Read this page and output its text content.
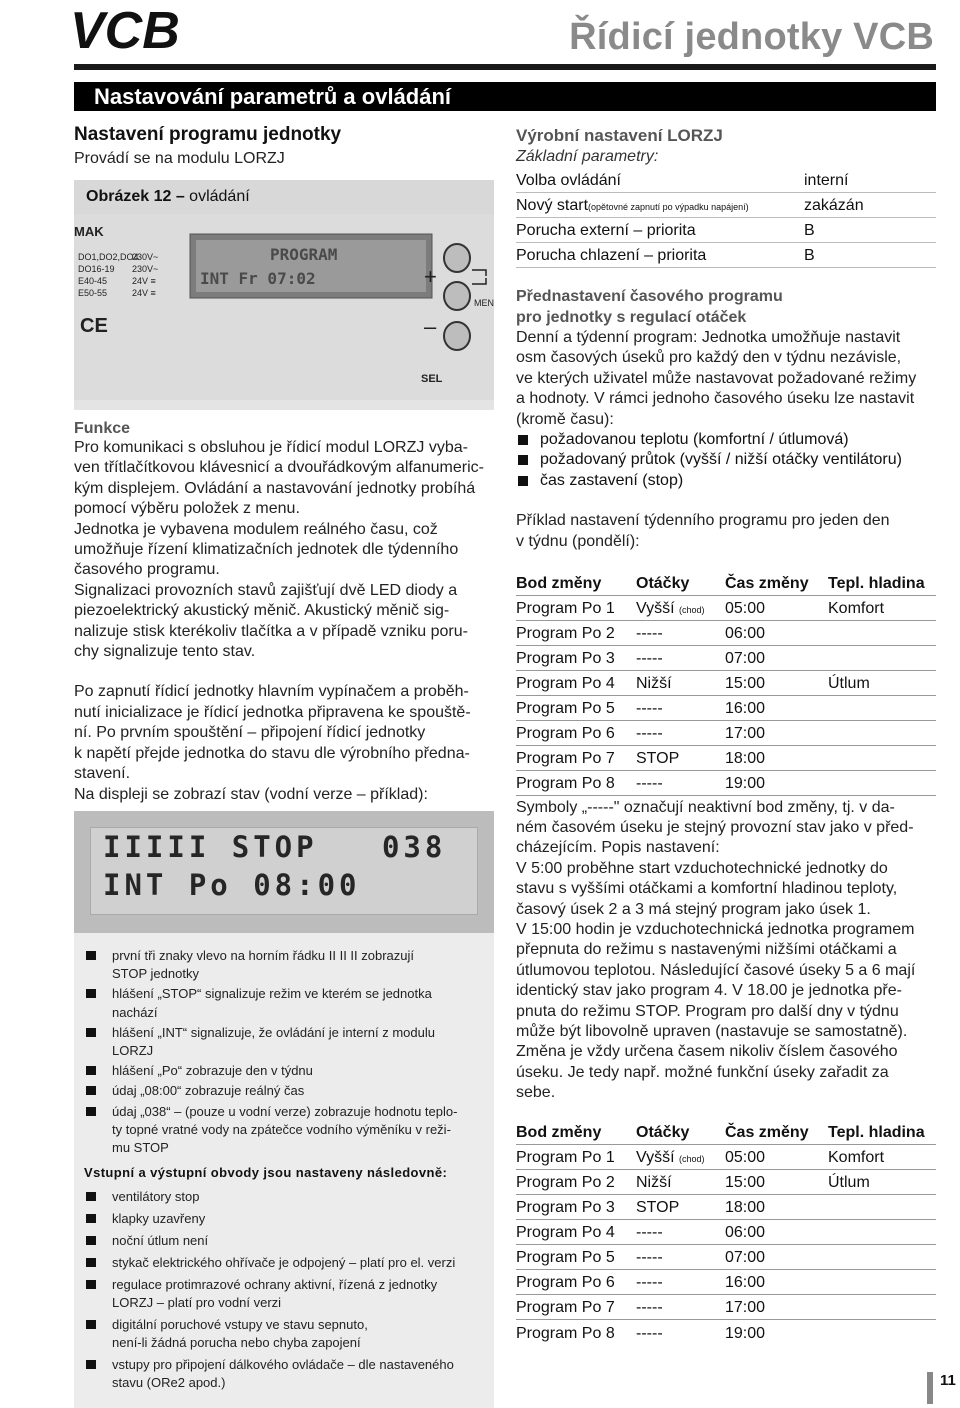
VCB	Řídicí jednotky VCB
Nastavování parametrů a ovládání
Nastavení programu jednotky
Provádí se na modulu LORZJ
Obrázek 12 – ovládání
MAK
DO1,DO2,DO4
DO16-19
E40-45
E50-55
230V~
230V~
24V ≡
24V ≡
CE
PROGRAM
INT Fr 07:02	+
–
SEL
MEN
Funkce
Pro komunikaci s obsluhou je řídicí modul LORZJ vyba-
ven třítlačítkovou klávesnicí a dvouřádkovým alfanumeric-
kým displejem. Ovládání a nastavování jednotky probíhá
pomocí výběru položek z menu.
Jednotka je vybavena modulem reálného času, což
umožňuje řízení klimatizačních jednotek dle týdenního
časového programu.
Signalizaci provozních stavů zajišťují dvě LED diody a
piezoelektrický akustický měnič. Akustický měnič sig-
nalizuje stisk kterékoliv tlačítka a v případě vzniku poru-
chy signalizuje tento stav.
Po zapnutí řídicí jednotky hlavním vypínačem a proběh-
nutí inicializace je řídicí jednotka připravena ke spouště-
ní. Po prvním spouštění – připojení řídicí jednotky
k napětí přejde jednotka do stavu dle výrobního předna-
stavení.
Na displeji se zobrazí stav (vodní verze – příklad):
IIIII STOP   038
INT Po 08:00
první tři znaky vlevo na horním řádku II II II zobrazují
STOP jednotky
hlášení „STOP“ signalizuje režim ve kterém se jednotka
nachází
hlášení „INT“ signalizuje, že ovládání je interní z modulu
LORZJ
hlášení „Po“ zobrazuje den v týdnu
údaj „08:00“ zobrazuje reálný čas
údaj „038“ – (pouze u vodní verze) zobrazuje hodnotu teplo-
ty topné vratné vody na zpátečce vodního výměníku v reži-
mu STOP
Vstupní a výstupní obvody jsou nastaveny následovně:
ventilátory stop
klapky uzavřeny
noční útlum není
stykač elektrického ohřívače je odpojený – platí pro el. verzi
regulace protimrazové ochrany aktivní, řízená z jednotky
LORZJ – platí pro vodní verzi
digitální poruchové vstupy ve stavu sepnuto,
není-li žádná porucha nebo chyba zapojení
vstupy pro připojení dálkového ovládače – dle nastaveného
stavu (ORe2 apod.)
Výrobní nastavení LORZJ
Základní parametry:
Volba ovládání	interní
Nový start(opětovné zapnutí po výpadku napájení)	zakázán
Porucha externí – priorita	B
Porucha chlazení – priorita	B
Přednastavení časového programu
pro jednotky s regulací otáček
Denní a týdenní program: Jednotka umožňuje nastavit
osm časových úseků pro každý den v týdnu nezávisle,
ve kterých uživatel může nastavovat požadované režimy
a hodnoty. V rámci jednoho časového úseku lze nastavit
(kromě času):
požadovanou teplotu (komfortní / útlumová)
požadovaný průtok (vyšší / nižší otáčky ventilátoru)
čas zastavení (stop)
Příklad nastavení týdenního programu pro jeden den
v týdnu (pondělí):
Bod změny	Otáčky	Čas změny	Tepl. hladina
Program Po 1	Vyšší (chod)	05:00	Komfort
Program Po 2	-----	06:00	
Program Po 3	-----	07:00	
Program Po 4	Nižší	15:00	Útlum
Program Po 5	-----	16:00	
Program Po 6	-----	17:00	
Program Po 7	STOP	18:00	
Program Po 8	-----	19:00	
Symboly „-----" označují neaktivní bod změny, tj. v da-
ném časovém úseku je stejný provozní stav jako v před-
cházejícím. Popis nastavení:
V 5:00 proběhne start vzduchotechnické jednotky do
stavu s vyššími otáčkami a komfortní hladinou teploty,
časový úsek 2 a 3 má stejný program jako úsek 1.
V 15:00 hodin je vzduchotechnická jednotka programem
přepnuta do režimu s nastavenými nižšími otáčkami a
útlumovou teplotou. Následující časové úseky 5 a 6 mají
identický stav jako program 4. V 18.00 je jednotka pře-
pnuta do režimu STOP. Program pro další dny v týdnu
může být libovolně upraven (nastavuje se samostatně).
Změna je vždy určena časem nikoliv číslem časového
úseku. Je tedy např. možné funkční úseky zařadit za
sebe.
Bod změny	Otáčky	Čas změny	Tepl. hladina
Program Po 1	Vyšší (chod)	05:00	Komfort
Program Po 2	Nižší	15:00	Útlum
Program Po 3	STOP	18:00	
Program Po 4	-----	06:00	
Program Po 5	-----	07:00	
Program Po 6	-----	16:00	
Program Po 7	-----	17:00	
Program Po 8	-----	19:00	
11
